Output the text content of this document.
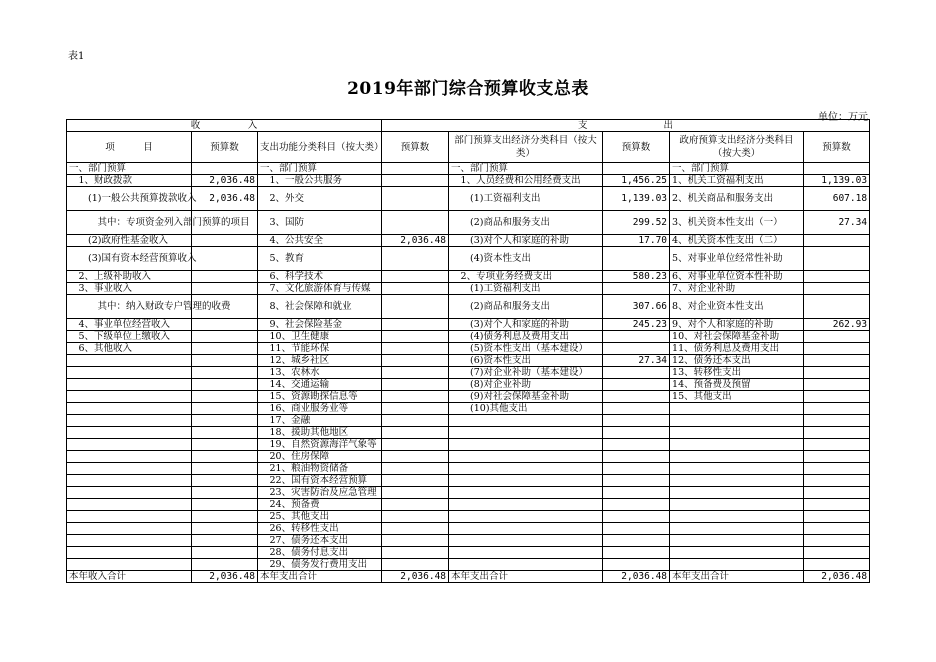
表1
2019年部门综合预算收支总表
单位：万元
收　　　　　入			支　　　　　　　　出				
项　　　目	预算数	支出功能分类科目（按大类）	预算数	部门预算支出经济分类科目（按大类）	预算数	政府预算支出经济分类科目（按大类）	预算数
一、部门预算		一、部门预算		一、部门预算		一、部门预算	
　1、财政拨款	2,036.48	　1、一般公共服务		　1、人员经费和公用经费支出	1,456.25	1、机关工资福利支出	1,139.03
　　(1)一般公共预算拨款收入	2,036.48	　2、外交		　　(1)工资福利支出	1,139.03	2、机关商品和服务支出	607.18
　　　其中：专项资金列入部门预算的项目		　3、国防		　　(2)商品和服务支出	299.52	3、机关资本性支出（一）	27.34
　　(2)政府性基金收入		　4、公共安全	2,036.48	　　(3)对个人和家庭的补助	17.70	4、机关资本性支出（二）	
　　(3)国有资本经营预算收入		　5、教育		　　(4)资本性支出		5、对事业单位经常性补助	
　2、上级补助收入		　6、科学技术		　2、专项业务经费支出	580.23	6、对事业单位资本性补助	
　3、事业收入		　7、文化旅游体育与传媒		　　(1)工资福利支出		7、对企业补助	
　　　其中：纳入财政专户管理的收费		　8、社会保障和就业		　　(2)商品和服务支出	307.66	8、对企业资本性支出	
　4、事业单位经营收入		　9、社会保险基金		　　(3)对个人和家庭的补助	245.23	9、对个人和家庭的补助	262.93
　5、下级单位上缴收入		　10、卫生健康		　　(4)债务利息及费用支出		10、对社会保障基金补助	
　6、其他收入		　11、节能环保		　　(5)资本性支出（基本建设）		11、债务利息及费用支出	
		　12、城乡社区		　　(6)资本性支出	27.34	12、债务还本支出	
		　13、农林水		　　(7)对企业补助（基本建设）		13、转移性支出	
		　14、交通运输		　　(8)对企业补助		14、预备费及预留	
		　15、资源勘探信息等		　　(9)对社会保障基金补助		15、其他支出	
		　16、商业服务业等		　　(10)其他支出			
		　17、金融					
		　18、援助其他地区					
		　19、自然资源海洋气象等					
		　20、住房保障					
		　21、粮油物资储备					
		　22、国有资本经营预算					
		　23、灾害防治及应急管理					
		　24、预备费					
		　25、其他支出					
		　26、转移性支出					
		　27、债务还本支出					
		　28、债务付息支出					
		　29、债务发行费用支出					
本年收入合计	2,036.48	本年支出合计	2,036.48	本年支出合计	2,036.48	本年支出合计	2,036.48
